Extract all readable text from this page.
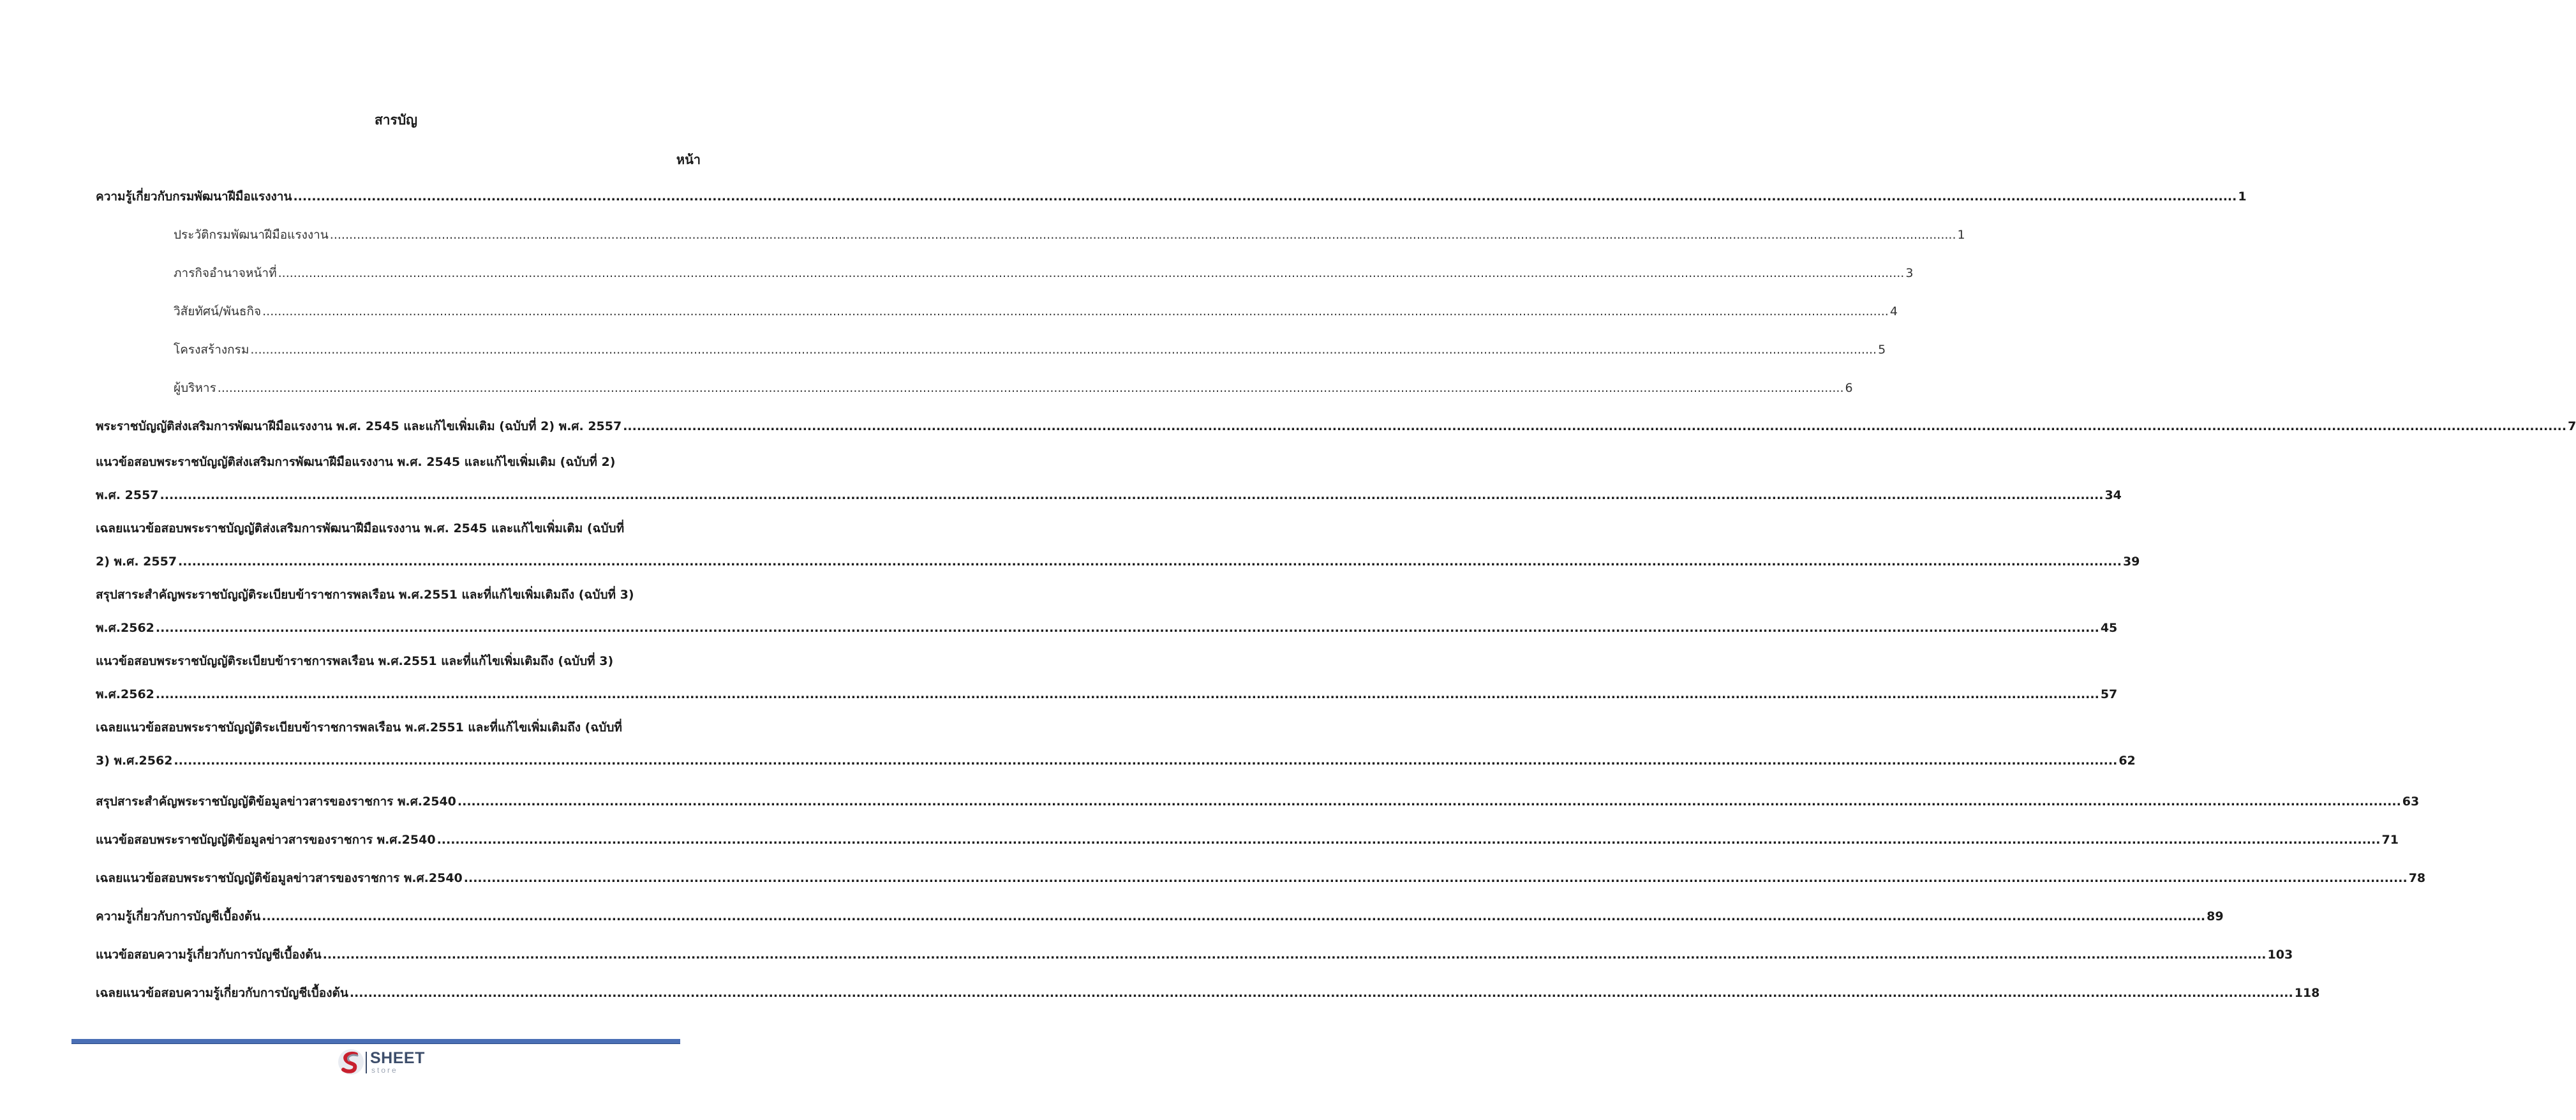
สารบัญ
หน้า
ความรู้เกี่ยวกับกรมพัฒนาฝีมือแรงงาน .....	1
ประวัติกรมพัฒนาฝีมือแรงงาน .....	1
ภารกิจอำนาจหน้าที่ .....	3
วิสัยทัศน์/พันธกิจ .....	4
โครงสร้างกรม .....	5
ผู้บริหาร .....	6
พระราชบัญญัติส่งเสริมการพัฒนาฝีมือแรงงาน พ.ศ. 2545 และแก้ไขเพิ่มเติม (ฉบับที่ 2) พ.ศ. 2557 .....	7
แนวข้อสอบพระราชบัญญัติส่งเสริมการพัฒนาฝีมือแรงงาน พ.ศ. 2545 และแก้ไขเพิ่มเติม (ฉบับที่ 2)
พ.ศ. 2557 .....	34
เฉลยแนวข้อสอบพระราชบัญญัติส่งเสริมการพัฒนาฝีมือแรงงาน พ.ศ. 2545 และแก้ไขเพิ่มเติม (ฉบับที่
2) พ.ศ. 2557 .....	39
สรุปสาระสำคัญพระราชบัญญัติระเบียบข้าราชการพลเรือน พ.ศ.2551 และที่แก้ไขเพิ่มเติมถึง (ฉบับที่ 3)
พ.ศ.2562 .....	45
แนวข้อสอบพระราชบัญญัติระเบียบข้าราชการพลเรือน พ.ศ.2551 และที่แก้ไขเพิ่มเติมถึง (ฉบับที่ 3)
พ.ศ.2562 .....	57
เฉลยแนวข้อสอบพระราชบัญญัติระเบียบข้าราชการพลเรือน พ.ศ.2551 และที่แก้ไขเพิ่มเติมถึง (ฉบับที่
3) พ.ศ.2562 .....	62
สรุปสาระสำคัญพระราชบัญญัติข้อมูลข่าวสารของราชการ พ.ศ.2540 .....	63
แนวข้อสอบพระราชบัญญัติข้อมูลข่าวสารของราชการ พ.ศ.2540 .....	71
เฉลยแนวข้อสอบพระราชบัญญัติข้อมูลข่าวสารของราชการ พ.ศ.2540 .....	78
ความรู้เกี่ยวกับการบัญชีเบื้องต้น .....	89
แนวข้อสอบความรู้เกี่ยวกับการบัญชีเบื้องต้น .....	103
เฉลยแนวข้อสอบความรู้เกี่ยวกับการบัญชีเบื้องต้น .....	118
SHEET
store
